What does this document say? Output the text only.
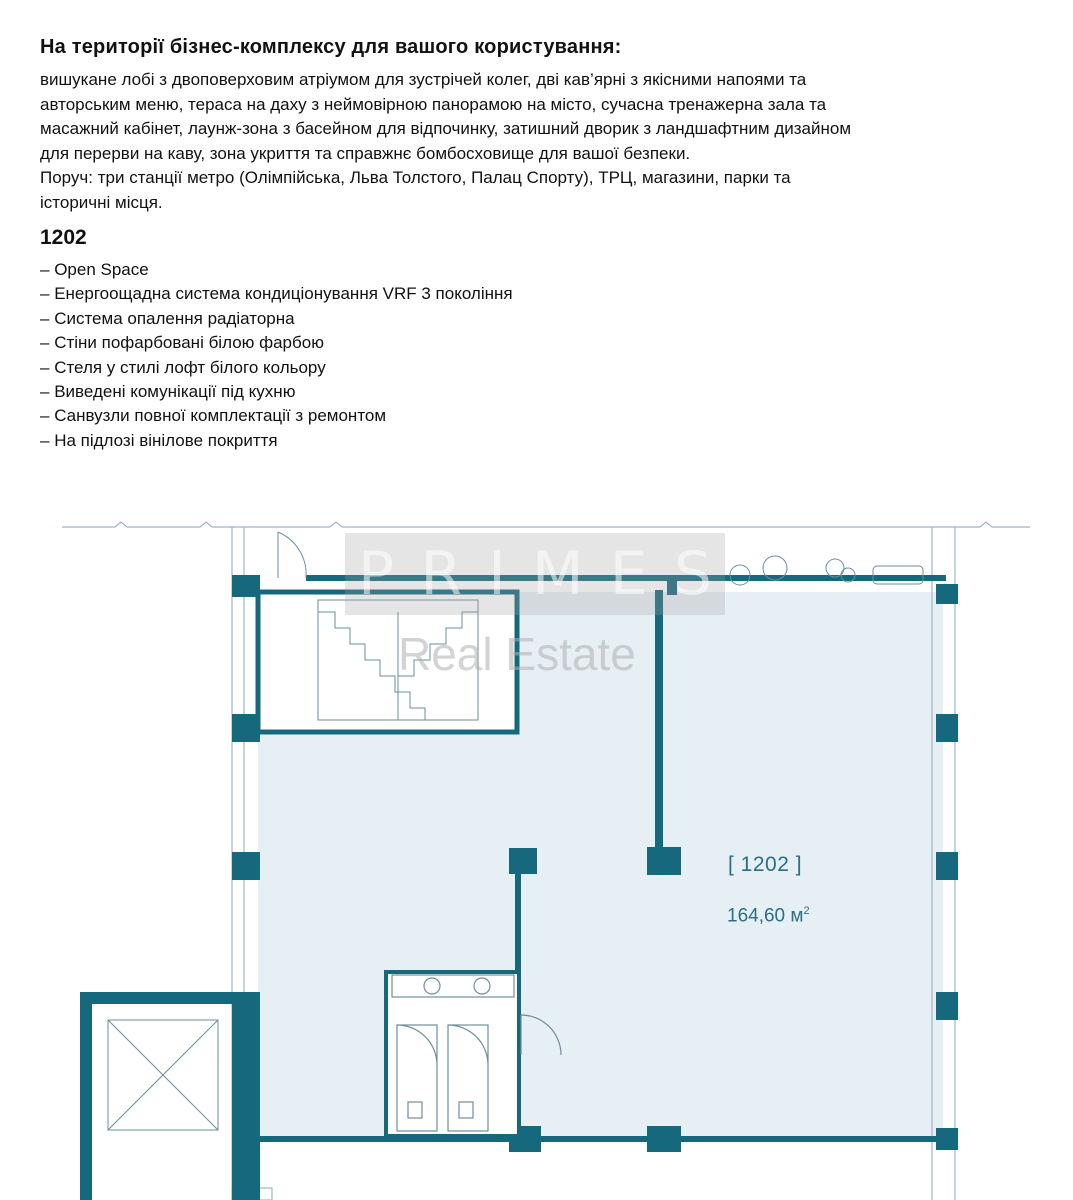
На території бізнес-комплексу для вашого користування:

вишукане лобі з двоповерховим атріумом для зустрічей колег, дві кав’ярні з якісними напоями та

авторським меню, тераса на даху з неймовірною панорамою на місто, сучасна тренажерна зала та

масажний кабінет, лаунж-зона з басейном для відпочинку, затишний дворик з ландшафтним дизайном

для перерви на каву, зона укриття та справжнє бомбосховище для вашої безпеки.

Поруч: три станції метро (Олімпійська, Льва Толстого, Палац Спорту), ТРЦ, магазини, парки та

історичні місця.

1202
– Open Space
– Енергоощадна система кондиціонування VRF 3 покоління
– Система опалення радіаторна
– Стіни пофарбовані білою фарбою
– Стеля у стилі лофт білого кольору
– Виведені комунікації під кухню
– Санвузли повної комплектації з ремонтом
– На підлозі вінілове покриття
P R I M E S
Real Estate
[ 1202 ]
164,60 $м^2$
